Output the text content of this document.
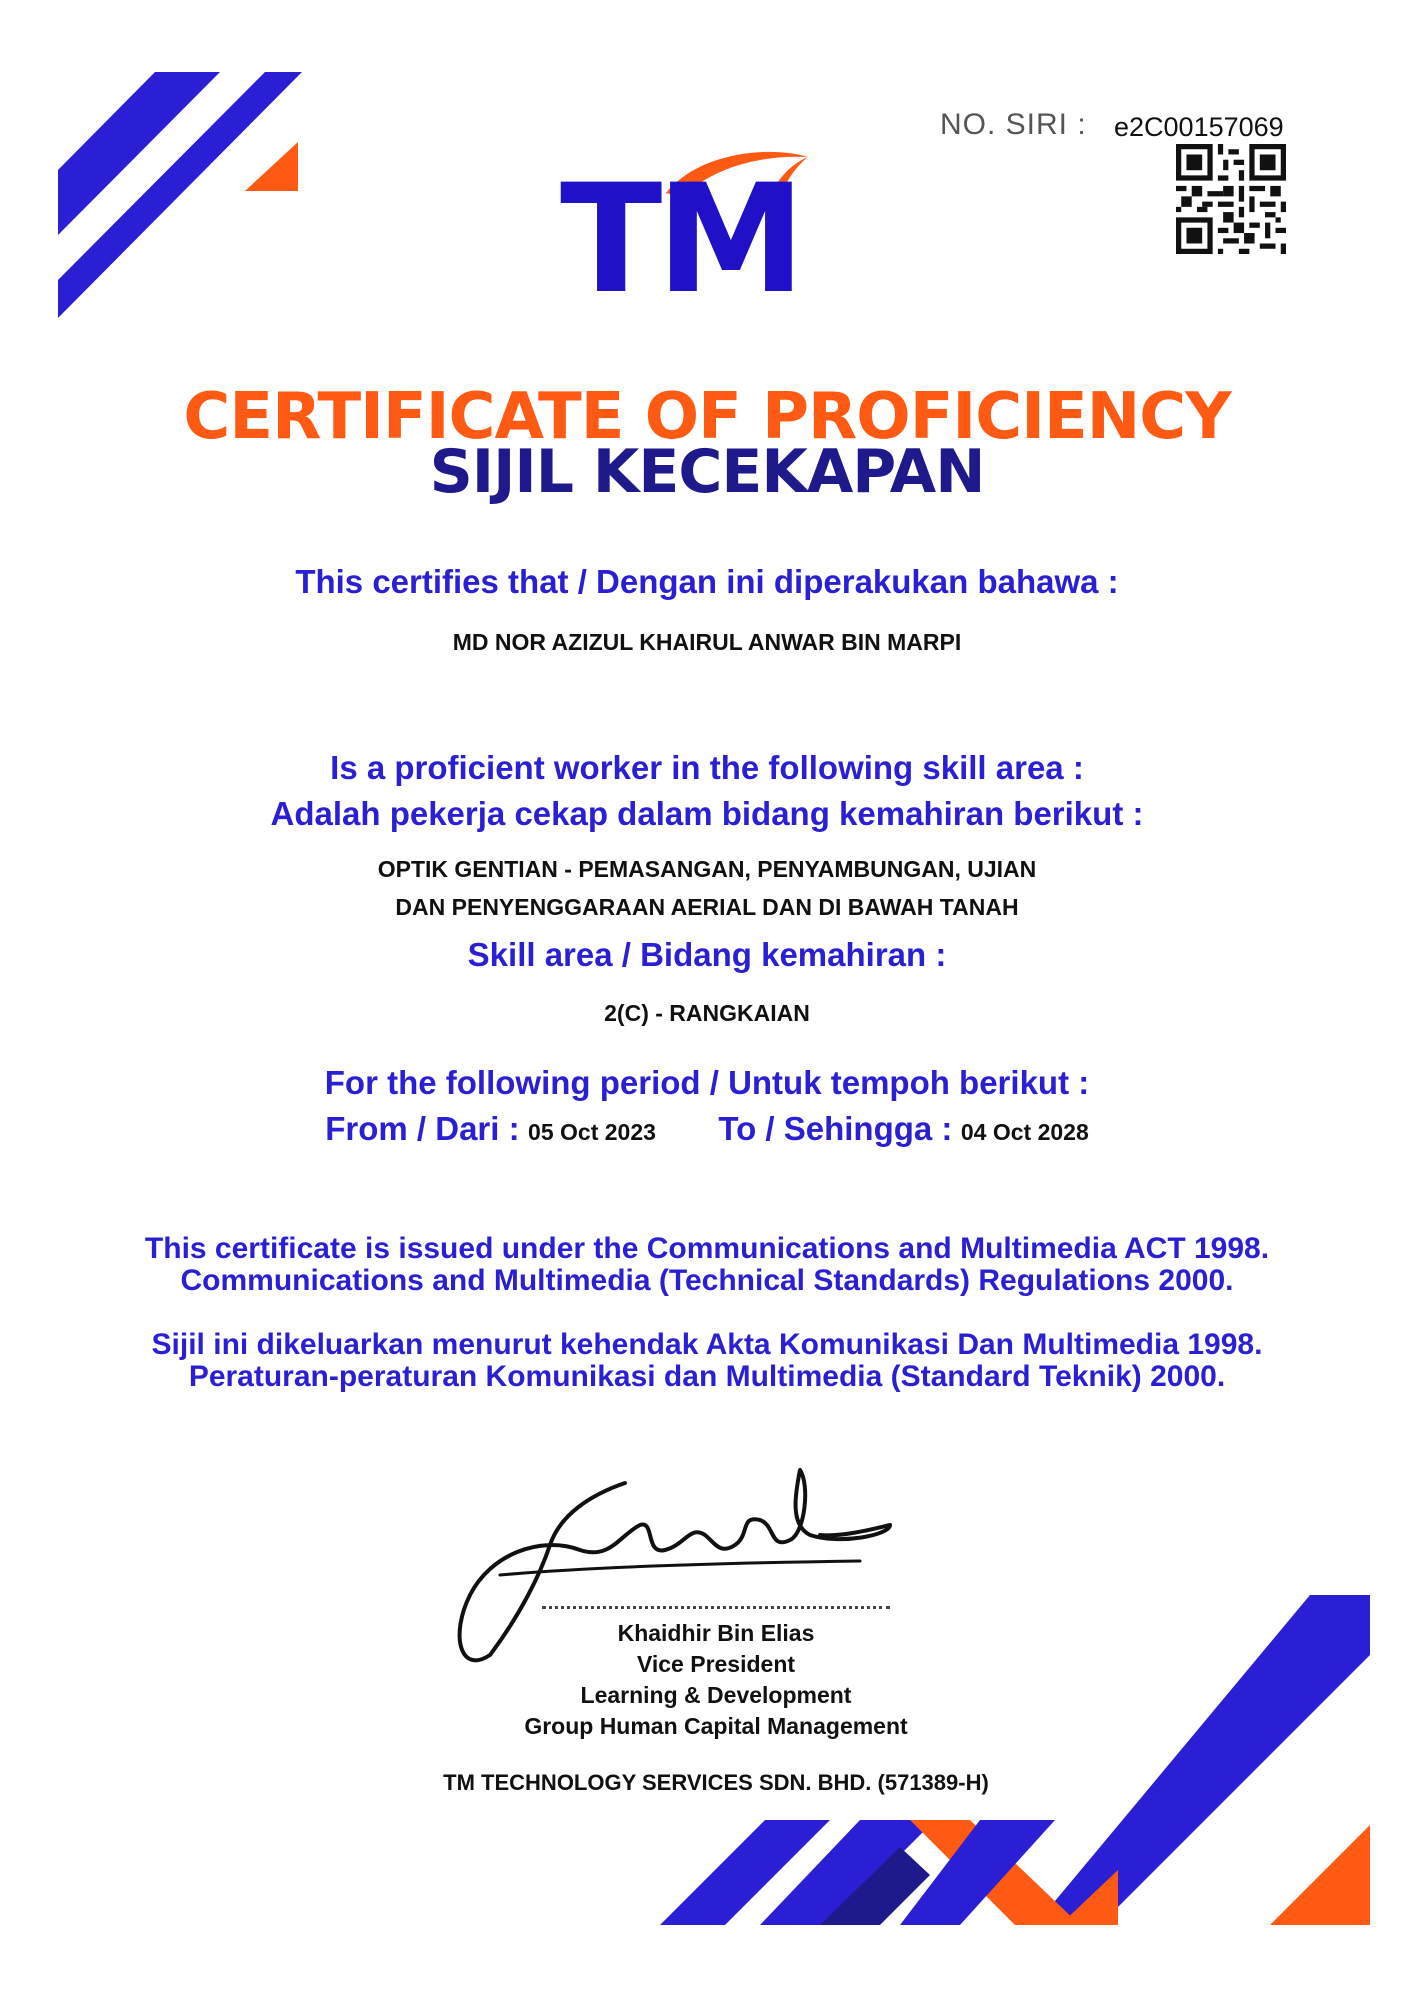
NO. SIRI : e2C00157069
TM
CERTIFICATE OF PROFICIENCY
SIJIL KECEKAPAN
This certifies that / Dengan ini diperakukan bahawa :
MD NOR AZIZUL KHAIRUL ANWAR BIN MARPI
Is a proficient worker in the following skill area :
Adalah pekerja cekap dalam bidang kemahiran berikut :
OPTIK GENTIAN - PEMASANGAN, PENYAMBUNGAN, UJIAN
DAN PENYENGGARAAN AERIAL DAN DI BAWAH TANAH
Skill area / Bidang kemahiran :
2(C) - RANGKAIAN
For the following period / Untuk tempoh berikut :
From / Dari : 05 Oct 2023 To / Sehingga : 04 Oct 2028
This certificate is issued under the Communications and Multimedia ACT 1998.
Communications and Multimedia (Technical Standards) Regulations 2000.
Sijil ini dikeluarkan menurut kehendak Akta Komunikasi Dan Multimedia 1998.
Peraturan-peraturan Komunikasi dan Multimedia (Standard Teknik) 2000.
Khaidhir Bin Elias
Vice President
Learning & Development
Group Human Capital Management
TM TECHNOLOGY SERVICES SDN. BHD. (571389-H)
